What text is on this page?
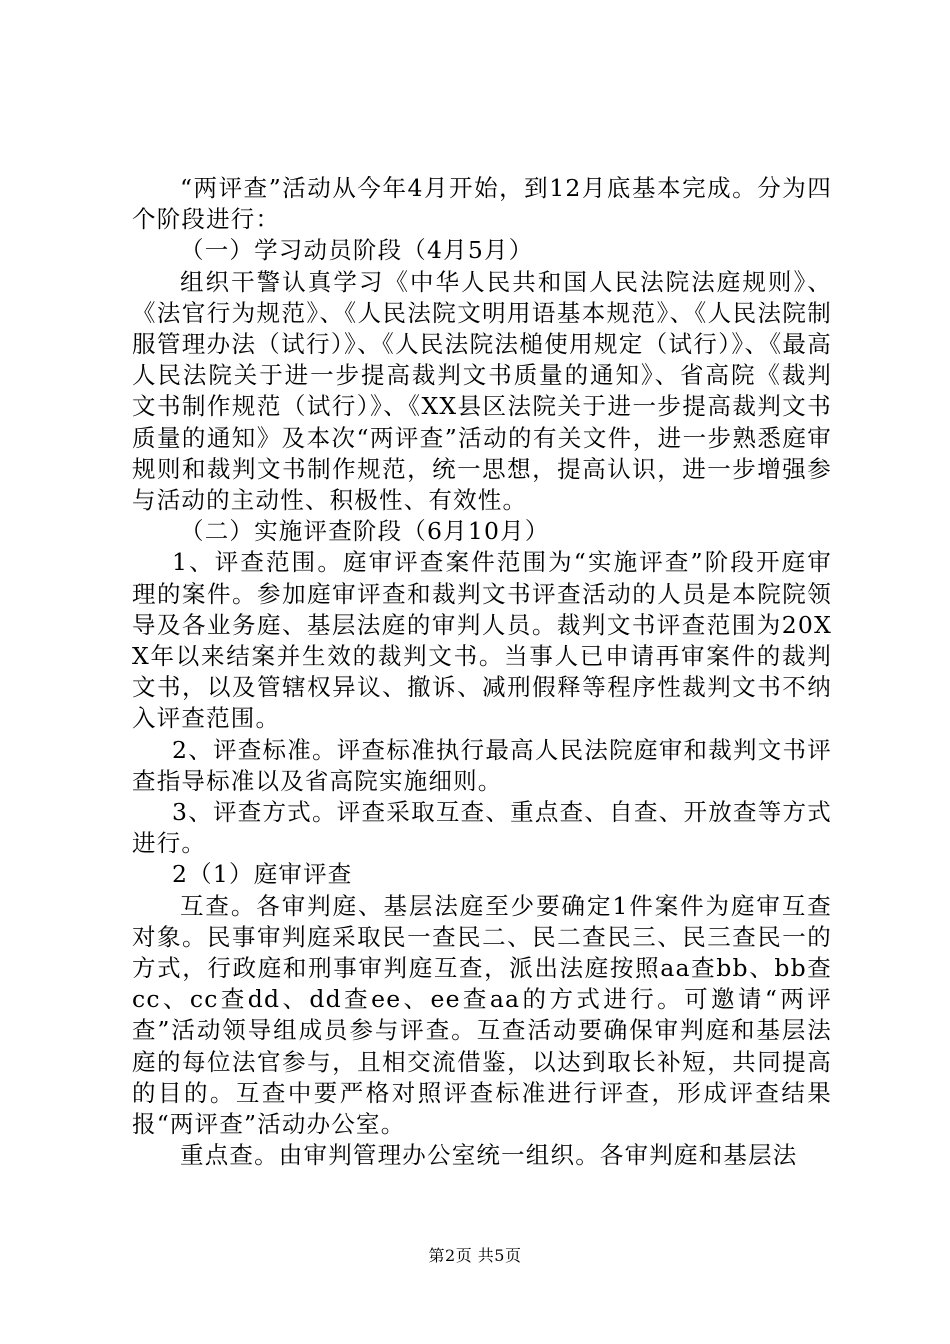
“两评查”活动从今年4月开始，到12月底基本完成。分为四个阶段进行：

（一）学习动员阶段（4月5月）

组织干警认真学习《中华人民共和国人民法院法庭规则》、《法官行为规范》、《人民法院文明用语基本规范》、《人民法院制服管理办法（试行）》、《人民法院法槌使用规定（试行）》、《最高人民法院关于进一步提高裁判文书质量的通知》、省高院《裁判文书制作规范（试行）》、《XX县区法院关于进一步提高裁判文书质量的通知》及本次“两评查”活动的有关文件，进一步熟悉庭审规则和裁判文书制作规范，统一思想，提高认识，进一步增强参与活动的主动性、积极性、有效性。

（二）实施评查阶段（6月10月）

1、评查范围。庭审评查案件范围为“实施评查”阶段开庭审理的案件。参加庭审评查和裁判文书评查活动的人员是本院院领导及各业务庭、基层法庭的审判人员。裁判文书评查范围为20XX年以来结案并生效的裁判文书。当事人已申请再审案件的裁判文书，以及管辖权异议、撤诉、减刑假释等程序性裁判文书不纳入评查范围。

2、评查标准。评查标准执行最高人民法院庭审和裁判文书评查指导标准以及省高院实施细则。

3、评查方式。评查采取互查、重点查、自查、开放查等方式进行。

2（1）庭审评查

互查。各审判庭、基层法庭至少要确定1件案件为庭审互查对象。民事审判庭采取民一查民二、民二查民三、民三查民一的方式，行政庭和刑事审判庭互查，派出法庭按照aa查bb、bb查cc、cc查dd、dd查ee、ee查aa的方式进行。可邀请“两评查”活动领导组成员参与评查。互查活动要确保审判庭和基层法庭的每位法官参与，且相交流借鉴，以达到取长补短，共同提高的目的。互查中要严格对照评查标准进行评查，形成评查结果报“两评查”活动办公室。

重点查。由审判管理办公室统一组织。各审判庭和基层法

第2页 共5页
